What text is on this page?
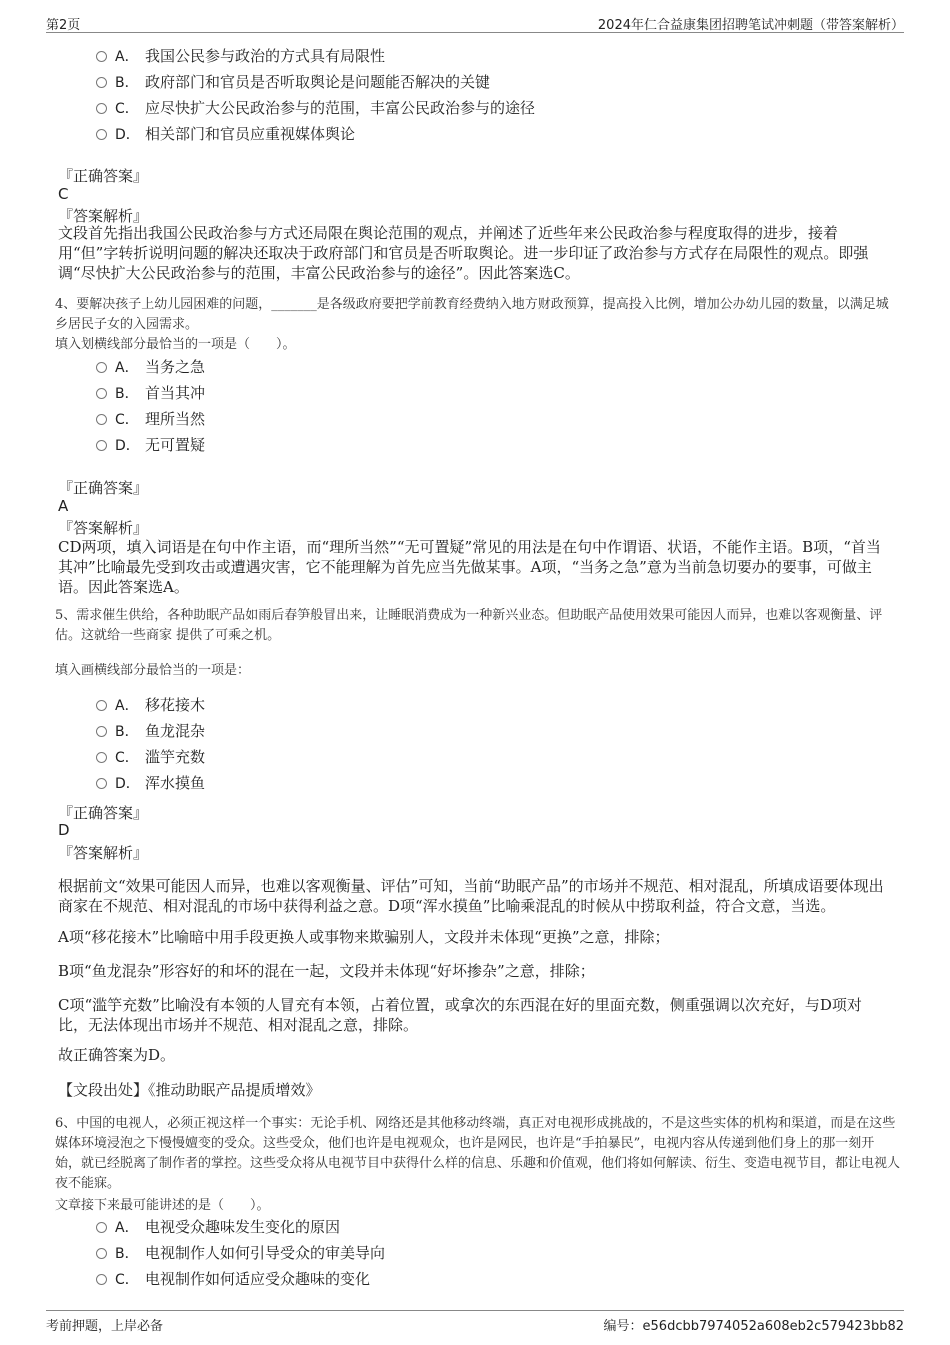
第2页	2024年仁合益康集团招聘笔试冲刺题（带答案解析）
A． 我国公民参与政治的方式具有局限性
B． 政府部门和官员是否听取舆论是问题能否解决的关键
C． 应尽快扩大公民政治参与的范围，丰富公民政治参与的途径
D． 相关部门和官员应重视媒体舆论
『正确答案』
C
『答案解析』
文段首先指出我国公民政治参与方式还局限在舆论范围的观点，并阐述了近些年来公民政治参与程度取得的进步，接着用“但”字转折说明问题的解决还取决于政府部门和官员是否听取舆论。进一步印证了政治参与方式存在局限性的观点。即强调“尽快扩大公民政治参与的范围，丰富公民政治参与的途径”。因此答案选C。
4、要解决孩子上幼儿园困难的问题，_______是各级政府要把学前教育经费纳入地方财政预算，提高投入比例，增加公办幼儿园的数量，以满足城乡居民子女的入园需求。
填入划横线部分最恰当的一项是（　　）。
A． 当务之急
B． 首当其冲
C． 理所当然
D． 无可置疑
『正确答案』
A
『答案解析』
CD两项，填入词语是在句中作主语，而“理所当然”“无可置疑”常见的用法是在句中作谓语、状语，不能作主语。B项，“首当其冲”比喻最先受到攻击或遭遇灾害，它不能理解为首先应当先做某事。A项，“当务之急”意为当前急切要办的要事，可做主语。因此答案选A。
5、需求催生供给，各种助眠产品如雨后春笋般冒出来，让睡眠消费成为一种新兴业态。但助眠产品使用效果可能因人而异，也难以客观衡量、评估。这就给一些商家 提供了可乘之机。
填入画横线部分最恰当的一项是：
A． 移花接木
B． 鱼龙混杂
C． 滥竽充数
D． 浑水摸鱼
『正确答案』
D
『答案解析』
根据前文“效果可能因人而异，也难以客观衡量、评估”可知，当前“助眠产品”的市场并不规范、相对混乱，所填成语要体现出商家在不规范、相对混乱的市场中获得利益之意。D项“浑水摸鱼”比喻乘混乱的时候从中捞取利益，符合文意，当选。
A项“移花接木”比喻暗中用手段更换人或事物来欺骗别人，文段并未体现“更换”之意，排除；
B项“鱼龙混杂”形容好的和坏的混在一起，文段并未体现“好坏掺杂”之意，排除；
C项“滥竽充数”比喻没有本领的人冒充有本领，占着位置，或拿次的东西混在好的里面充数，侧重强调以次充好，与D项对比，无法体现出市场并不规范、相对混乱之意，排除。
故正确答案为D。
【文段出处】《推动助眠产品提质增效》
6、中国的电视人，必须正视这样一个事实：无论手机、网络还是其他移动终端，真正对电视形成挑战的，不是这些实体的机构和渠道，而是在这些媒体环境浸泡之下慢慢嬗变的受众。这些受众，他们也许是电视观众，也许是网民，也许是“手拍暴民”，电视内容从传递到他们身上的那一刻开始，就已经脱离了制作者的掌控。这些受众将从电视节目中获得什么样的信息、乐趣和价值观，他们将如何解读、衍生、变造电视节目，都让电视人夜不能寐。
文章接下来最可能讲述的是（　　）。
A． 电视受众趣味发生变化的原因
B． 电视制作人如何引导受众的审美导向
C． 电视制作如何适应受众趣味的变化
考前押题，上岸必备	编号：e56dcbb7974052a608eb2c579423bb82
